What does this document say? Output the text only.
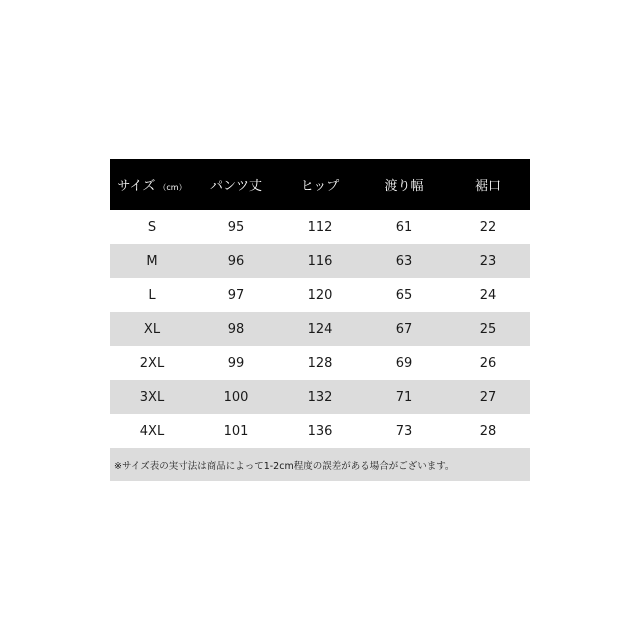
サイズ （cm）	パンツ丈	ヒップ	渡り幅	裾口
S	95	112	61	22
M	96	116	63	23
L	97	120	65	24
XL	98	124	67	25
2XL	99	128	69	26
3XL	100	132	71	27
4XL	101	136	73	28
※サイズ表の実寸法は商品によって1-2cm程度の誤差がある場合がございます。
